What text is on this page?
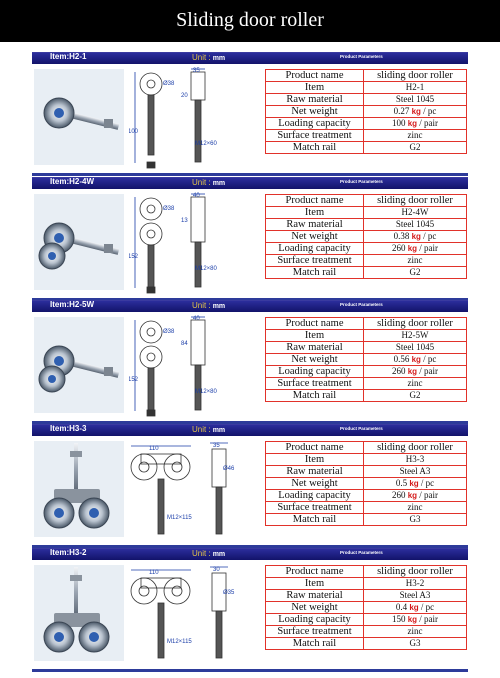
Sliding door roller
Item:H2-1	Unit : mm	Product Parameters
Ø38
35
100
M12×60
20
Product name	sliding door roller
Item	H2-1
Raw material	Steel 1045
Net weight	0.27 kg / pc
Loading capacity	100 kg / pair
Surface treatment	zinc
Match rail	G2
Item:H2-4W	Unit : mm	Product Parameters
Ø38
40
152
M12×80
13
Product name	sliding door roller
Item	H2-4W
Raw material	Steel 1045
Net weight	0.38 kg / pc
Loading capacity	260 kg / pair
Surface treatment	zinc
Match rail	G2
Item:H2-5W	Unit : mm	Product Parameters
Ø38
40
152
M12×80
84
Product name	sliding door roller
Item	H2-5W
Raw material	Steel 1045
Net weight	0.56 kg / pc
Loading capacity	260 kg / pair
Surface treatment	zinc
Match rail	G2
Item:H3-3	Unit : mm	Product Parameters
Ø46
35
M12×115
110	Product name	sliding door roller
Item	H3-3
Raw material	Steel A3
Net weight	0.5 kg / pc
Loading capacity	260 kg / pair
Surface treatment	zinc
Match rail	G3
Item:H3-2	Unit : mm	Product Parameters
Ø35
30
M12×115
110	Product name	sliding door roller
Item	H3-2
Raw material	Steel A3
Net weight	0.4 kg / pc
Loading capacity	150 kg / pair
Surface treatment	zinc
Match rail	G3
